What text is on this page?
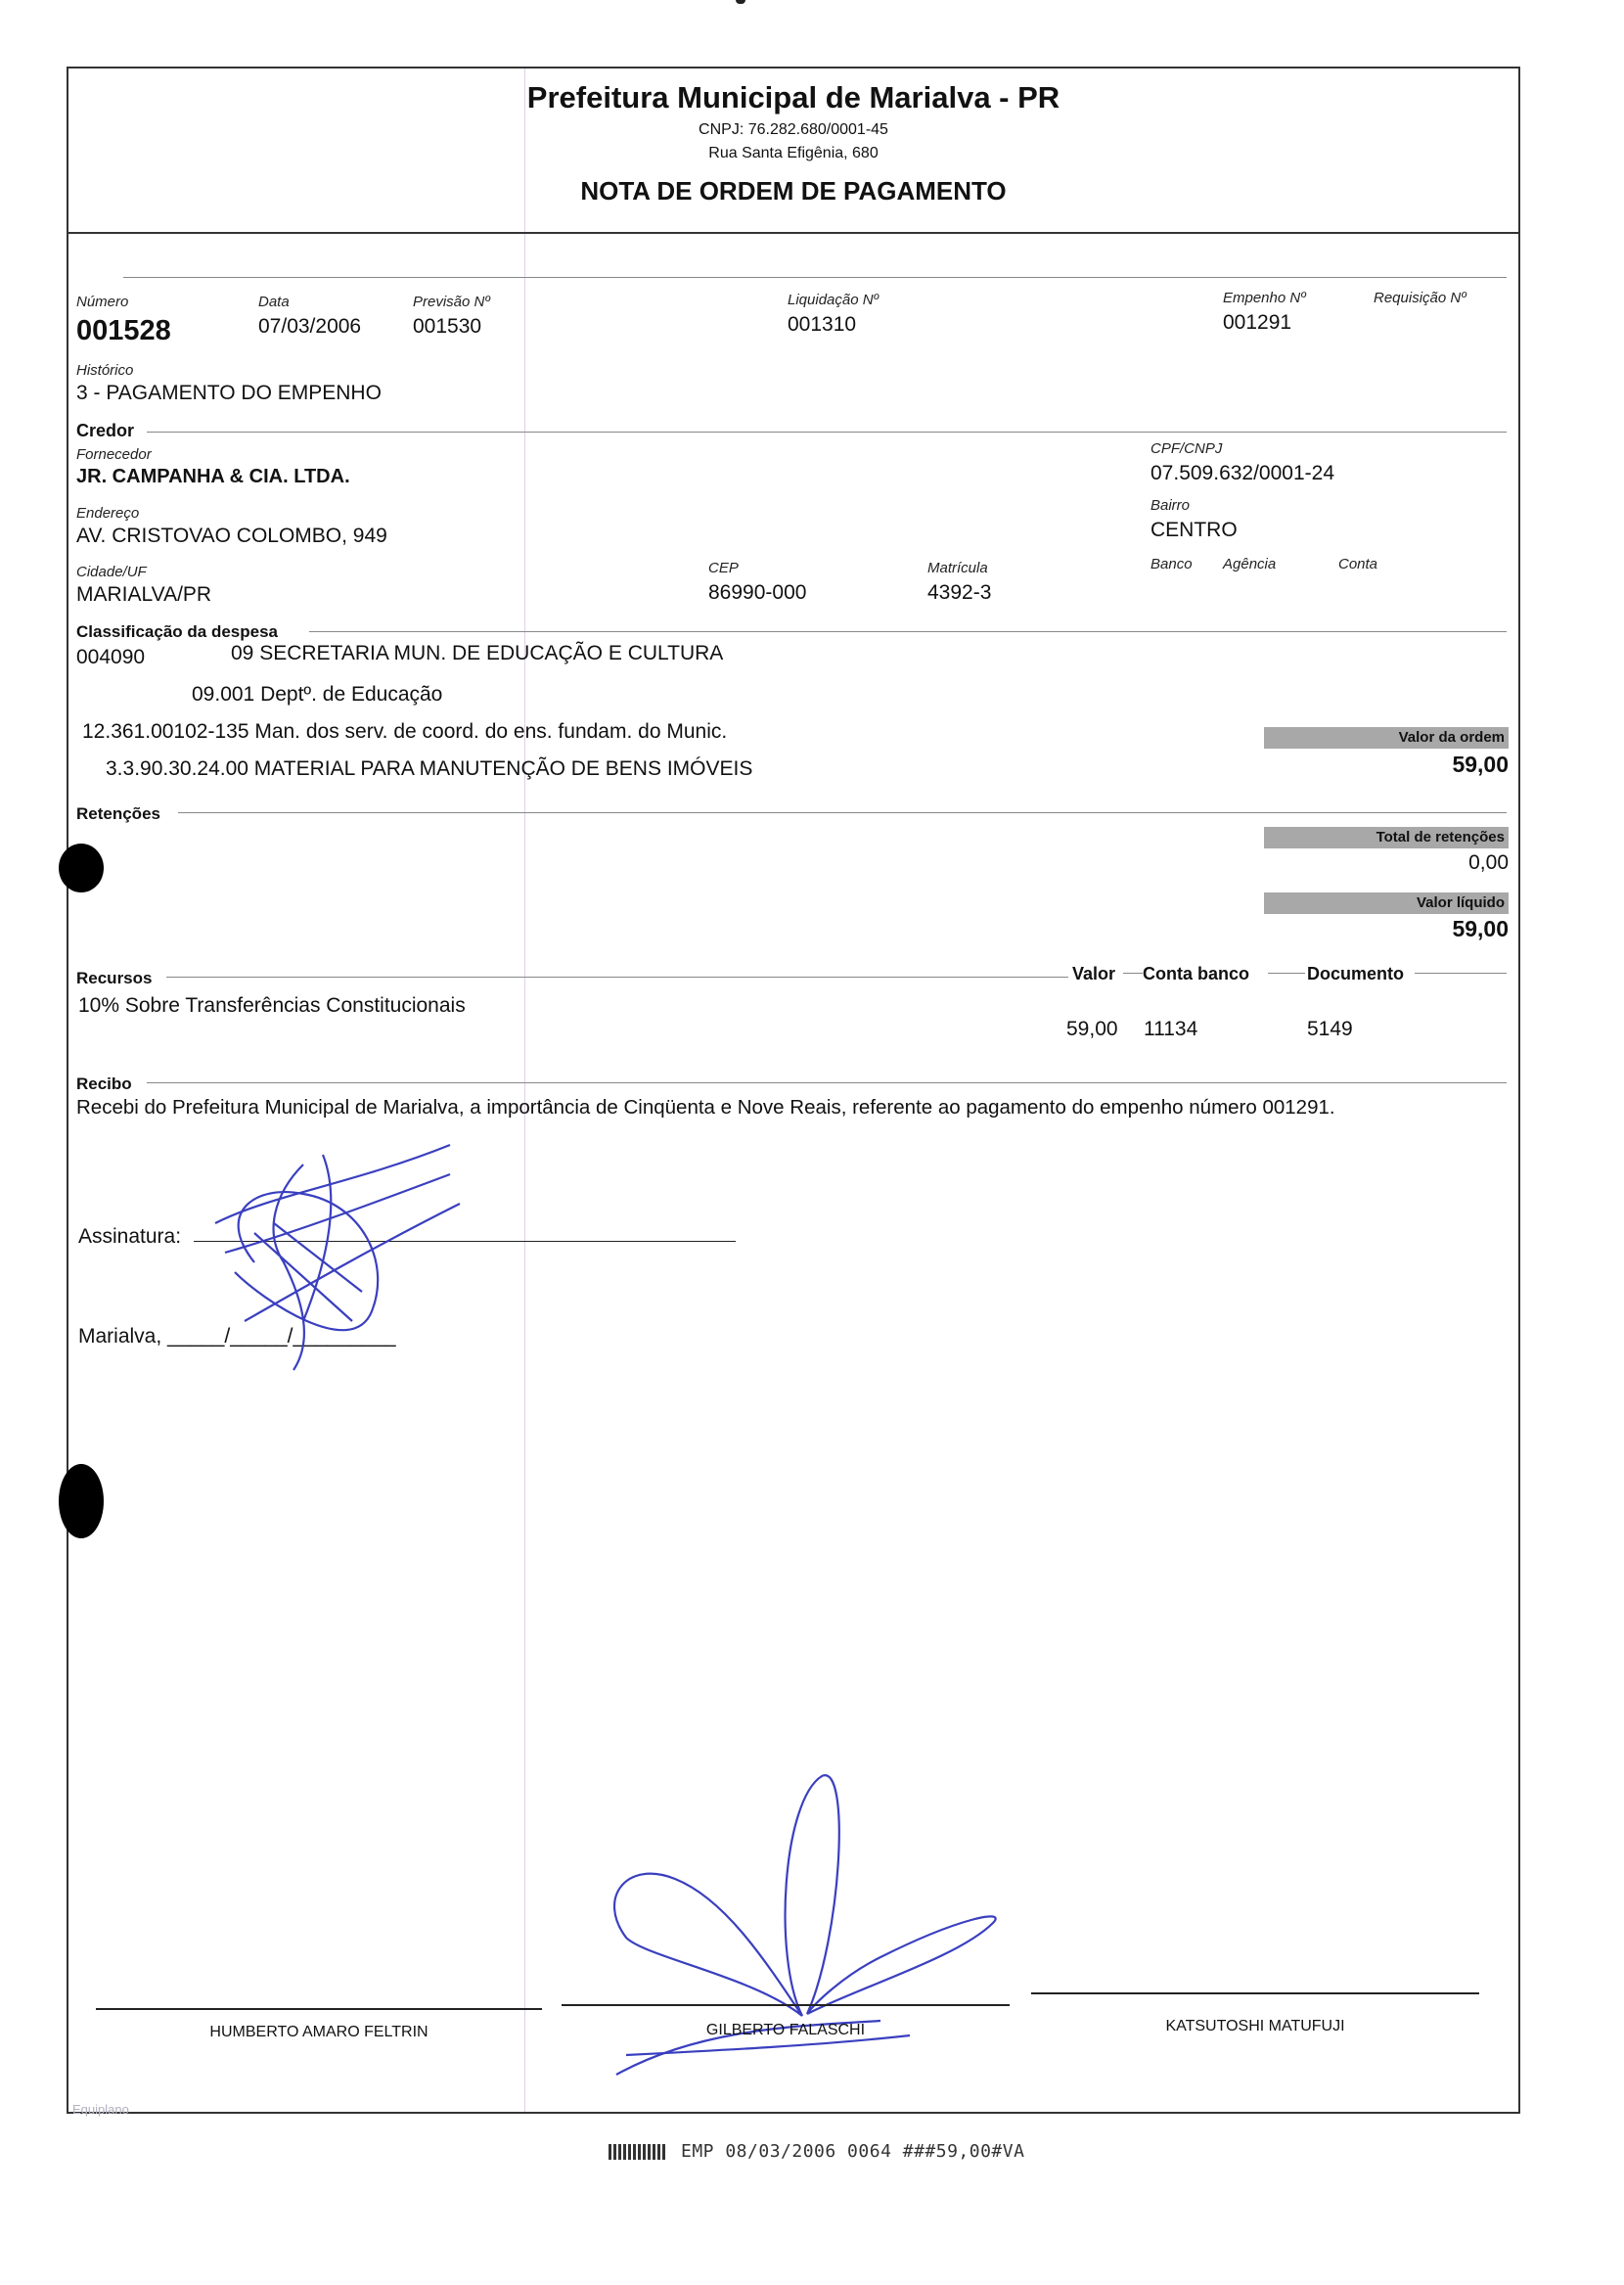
Prefeitura Municipal de Marialva - PR
CNPJ: 76.282.680/0001-45
Rua Santa Efigênia, 680
NOTA DE ORDEM DE PAGAMENTO
Número
001528
Data
07/03/2006
Previsão Nº
001530
Liquidação Nº
001310
Empenho Nº
001291
Requisição Nº
Histórico
3 - PAGAMENTO DO EMPENHO
Credor
Fornecedor
JR. CAMPANHA & CIA. LTDA.
CPF/CNPJ
07.509.632/0001-24
Endereço
AV. CRISTOVAO COLOMBO, 949
Bairro
CENTRO
Cidade/UF
MARIALVA/PR
CEP
86990-000
Matrícula
4392-3
Banco Agência	Conta
Classificação da despesa
004090	09 SECRETARIA MUN. DE EDUCAÇÃO E CULTURA
09.001 Deptº. de Educação
12.361.00102-135 Man. dos serv. de coord. do ens. fundam. do Munic.
3.3.90.30.24.00 MATERIAL PARA MANUTENÇÃO DE BENS IMÓVEIS
Valor da ordem
59,00
Retenções
Total de retenções
0,00
Valor líquido
59,00
Recursos	Valor Conta banco	Documento
10% Sobre Transferências Constitucionais
59,00 11134	5149
Recibo
Recebi do Prefeitura Municipal de Marialva, a importância de Cinqüenta e Nove Reais, referente ao pagamento do empenho número 001291.
Assinatura:
Marialva, _____/_____/_________
HUMBERTO AMARO FELTRIN	GILBERTO FALASCHI	KATSUTOSHI MATUFUJI
Equiplano
EMP 08/03/2006 0064 ###59,00#VA
